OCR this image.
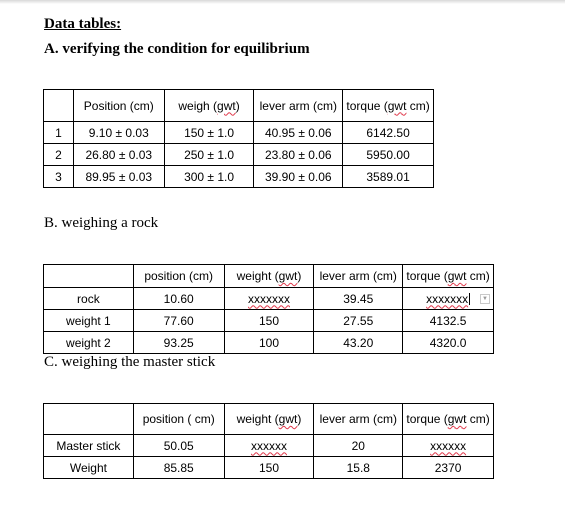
Data tables:
A. verifying the condition for equilibrium
	Position (cm)	weigh (gwt)	lever arm (cm)	torque (gwt cm)
1	9.10 ± 0.03	150 ± 1.0	40.95 ± 0.06	6142.50
2	26.80 ± 0.03	250 ± 1.0	23.80 ± 0.06	5950.00
3	89.95 ± 0.03	300 ± 1.0	39.90 ± 0.06	3589.01
B. weighing a rock
	position (cm)	weight (gwt)	lever arm (cm)	torque (gwt cm)
rock	10.60	xxxxxxx	39.45	xxxxxxx ▼

weight 1	77.60	150	27.55	4132.5
weight 2	93.25	100	43.20	4320.0
C. weighing the master stick
	position ( cm)	weight (gwt)	lever arm (cm)	torque (gwt cm)
Master stick	50.05	xxxxxx	20	xxxxxx
Weight	85.85	150	15.8	2370
